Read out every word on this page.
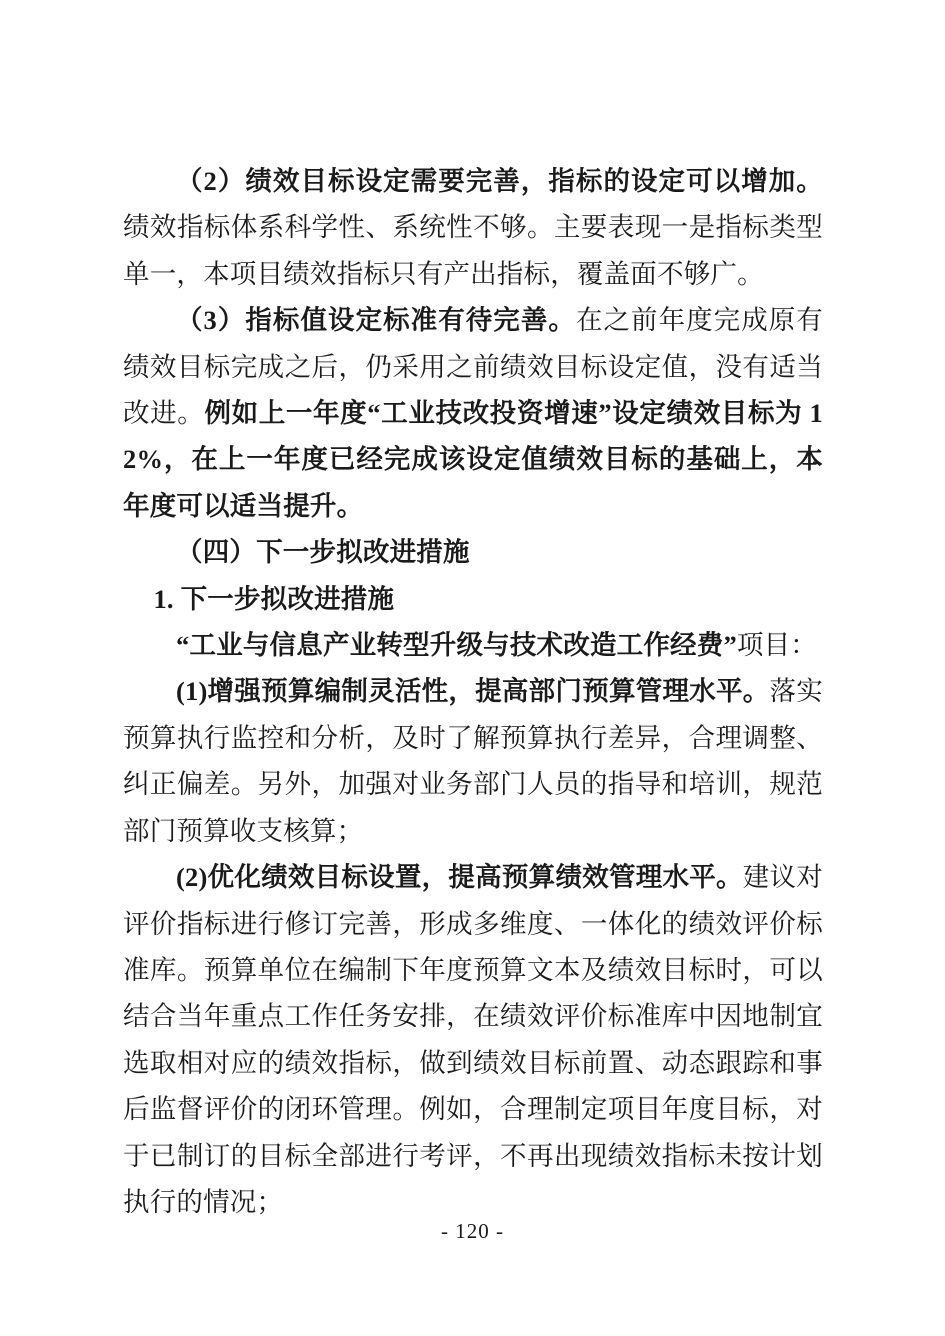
（2）绩效目标设定需要完善，指标的设定可以增加。绩效指标体系科学性、系统性不够。主要表现一是指标类型单一，本项目绩效指标只有产出指标，覆盖面不够广。

（3）指标值设定标准有待完善。在之前年度完成原有绩效目标完成之后，仍采用之前绩效目标设定值，没有适当改进。例如上一年度“工业技改投资增速”设定绩效目标为 12%，在上一年度已经完成该设定值绩效目标的基础上，本年度可以适当提升。

（四）下一步拟改进措施

1. 下一步拟改进措施

“工业与信息产业转型升级与技术改造工作经费”项目：

(1)增强预算编制灵活性，提高部门预算管理水平。落实预算执行监控和分析，及时了解预算执行差异，合理调整、纠正偏差。另外，加强对业务部门人员的指导和培训，规范部门预算收支核算；

(2)优化绩效目标设置，提高预算绩效管理水平。建议对评价指标进行修订完善，形成多维度、一体化的绩效评价标准库。预算单位在编制下年度预算文本及绩效目标时，可以结合当年重点工作任务安排，在绩效评价标准库中因地制宜选取相对应的绩效指标，做到绩效目标前置、动态跟踪和事后监督评价的闭环管理。例如，合理制定项目年度目标，对于已制订的目标全部进行考评，不再出现绩效指标未按计划执行的情况；

- 120 -
